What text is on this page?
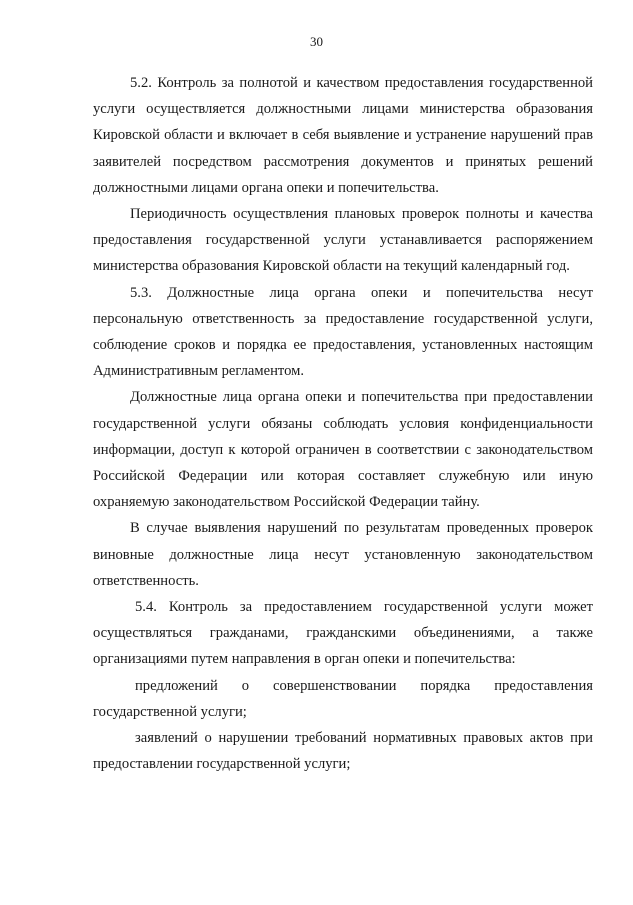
30

5.2. Контроль за полнотой и качеством предоставления государственной услуги осуществляется должностными лицами министерства образования Кировской области и включает в себя выявление и устранение нарушений прав заявителей посредством рассмотрения документов и принятых решений должностными лицами органа опеки и попечительства.

Периодичность осуществления плановых проверок полноты и качества предоставления государственной услуги устанавливается распоряжением министерства образования Кировской области на текущий календарный год.

5.3. Должностные лица органа опеки и попечительства несут персональную ответственность за предоставление государственной услуги, соблюдение сроков и порядка ее предоставления, установленных настоящим Административным регламентом.

Должностные лица органа опеки и попечительства при предоставлении государственной услуги обязаны соблюдать условия конфиденциальности информации, доступ к которой ограничен в соответствии с законодательством Российской Федерации или которая составляет служебную или иную охраняемую законодательством Российской Федерации тайну.

В случае выявления нарушений по результатам проведенных проверок виновные должностные лица несут установленную законодательством ответственность.

5.4. Контроль за предоставлением государственной услуги может осуществляться гражданами, гражданскими объединениями, а также организациями путем направления в орган опеки и попечительства:

предложений о совершенствовании порядка предоставления государственной услуги;

заявлений о нарушении требований нормативных правовых актов при предоставлении государственной услуги;
